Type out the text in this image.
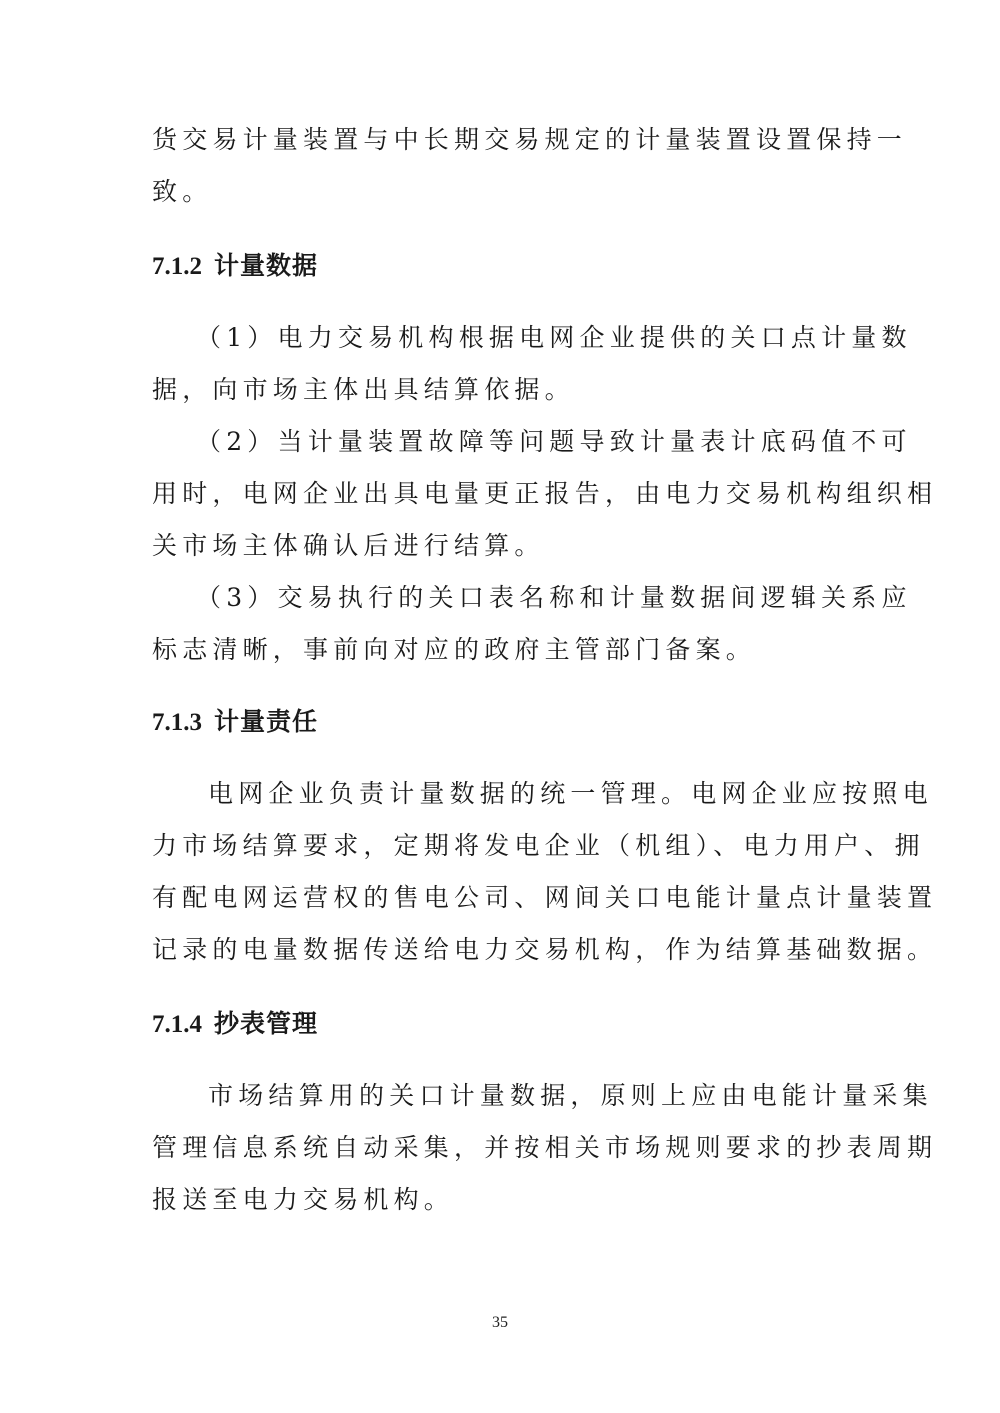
货交易计量装置与中长期交易规定的计量装置设置保持一

致。

7.1.2 计量数据

（1）电力交易机构根据电网企业提供的关口点计量数

据，向市场主体出具结算依据。

（2）当计量装置故障等问题导致计量表计底码值不可

用时，电网企业出具电量更正报告，由电力交易机构组织相

关市场主体确认后进行结算。

（3）交易执行的关口表名称和计量数据间逻辑关系应

标志清晰，事前向对应的政府主管部门备案。

7.1.3 计量责任

电网企业负责计量数据的统一管理。电网企业应按照电

力市场结算要求，定期将发电企业（机组）、电力用户、拥

有配电网运营权的售电公司、网间关口电能计量点计量装置

记录的电量数据传送给电力交易机构，作为结算基础数据。

7.1.4 抄表管理

市场结算用的关口计量数据，原则上应由电能计量采集

管理信息系统自动采集，并按相关市场规则要求的抄表周期

报送至电力交易机构。

35
